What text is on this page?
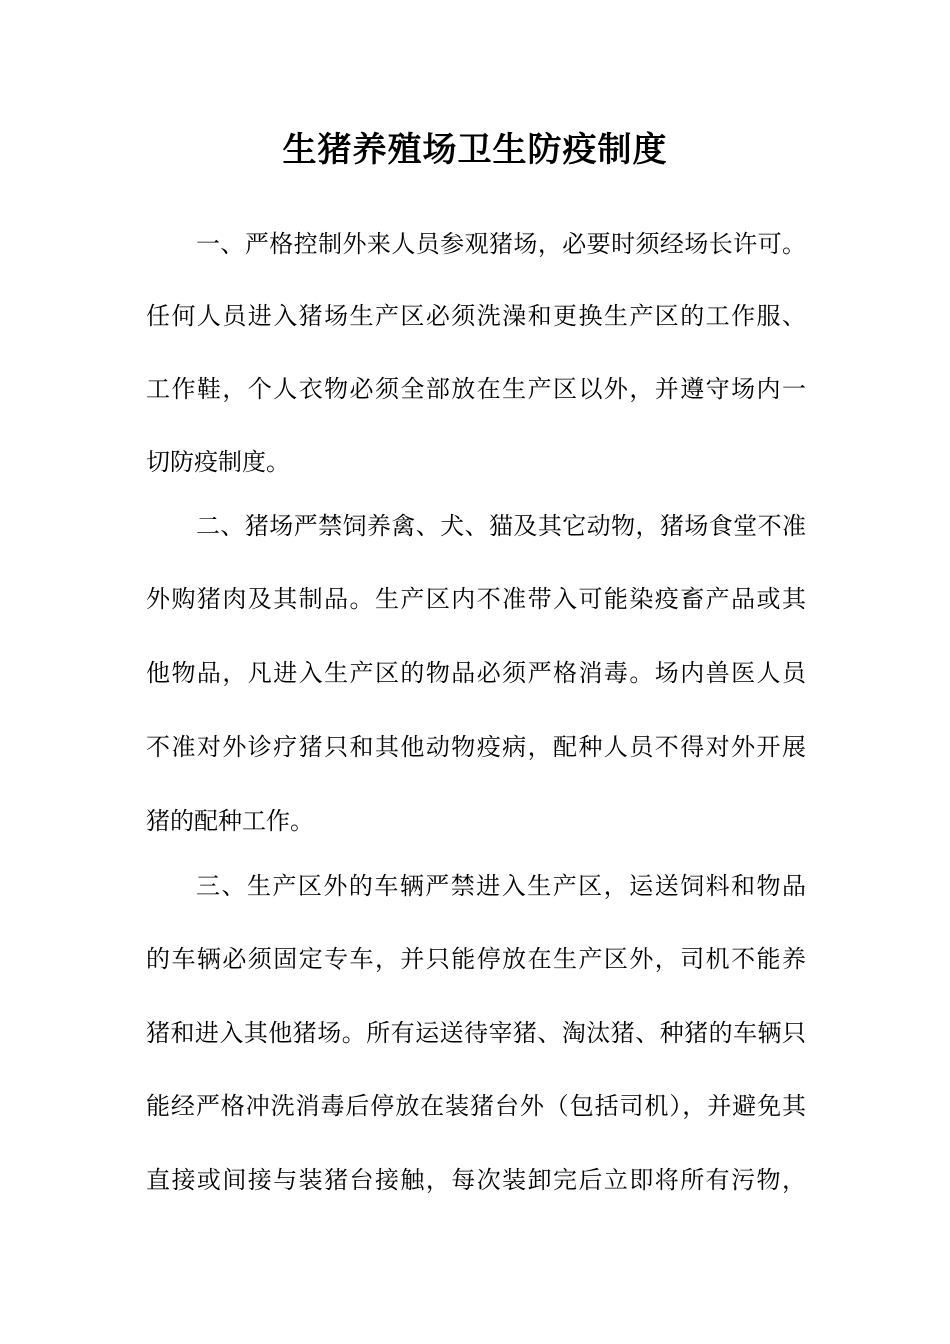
生猪养殖场卫生防疫制度

一、严格控制外来人员参观猪场，必要时须经场长许可。

任何人员进入猪场生产区必须洗澡和更换生产区的工作服、

工作鞋，个人衣物必须全部放在生产区以外，并遵守场内一

切防疫制度。

二、猪场严禁饲养禽、犬、猫及其它动物，猪场食堂不准

外购猪肉及其制品。生产区内不准带入可能染疫畜产品或其

他物品，凡进入生产区的物品必须严格消毒。场内兽医人员

不准对外诊疗猪只和其他动物疫病，配种人员不得对外开展

猪的配种工作。

三、生产区外的车辆严禁进入生产区，运送饲料和物品

的车辆必须固定专车，并只能停放在生产区外，司机不能养

猪和进入其他猪场。所有运送待宰猪、淘汰猪、种猪的车辆只

能经严格冲洗消毒后停放在装猪台外（包括司机），并避免其

直接或间接与装猪台接触，每次装卸完后立即将所有污物，
